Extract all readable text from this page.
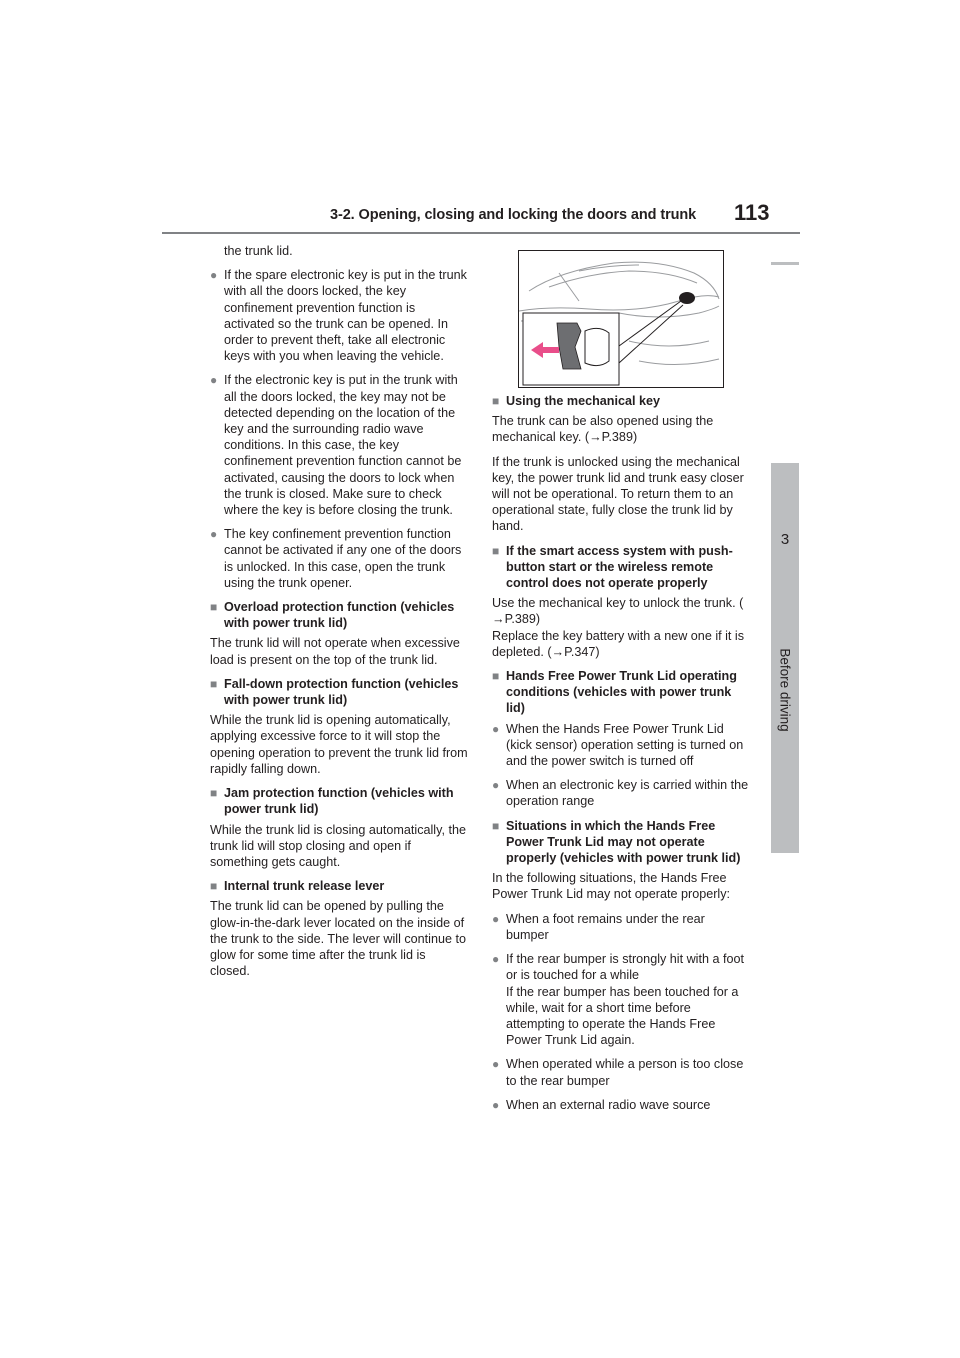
3-2. Opening, closing and locking the doors and trunk 113
3
Before driving

the trunk lid.

● If the spare electronic key is put in the trunk with all the doors locked, the key confinement prevention function is activated so the trunk can be opened. In order to prevent theft, take all electronic keys with you when leaving the vehicle.
● If the electronic key is put in the trunk with all the doors locked, the key may not be detected depending on the location of the key and the surrounding radio wave conditions. In this case, the key confinement prevention function cannot be activated, causing the doors to lock when the trunk is closed. Make sure to check where the key is before closing the trunk.
● The key confinement prevention function cannot be activated if any one of the doors is unlocked. In this case, open the trunk using the trunk opener.
■ Overload protection function (vehicles with power trunk lid)

The trunk lid will not operate when excessive load is present on the top of the trunk lid.

■ Fall-down protection function (vehicles with power trunk lid)

While the trunk lid is opening automatically, applying excessive force to it will stop the opening operation to prevent the trunk lid from rapidly falling down.

■ Jam protection function (vehicles with power trunk lid)

While the trunk lid is closing automatically, the trunk lid will stop closing and open if something gets caught.

■ Internal trunk release lever

The trunk lid can be opened by pulling the glow-in-the-dark lever located on the inside of the trunk to the side. The lever will continue to glow for some time after the trunk lid is closed.

■ Using the mechanical key

The trunk can be also opened using the mechanical key. (→P.389)

If the trunk is unlocked using the mechanical key, the power trunk lid and trunk easy closer will not be operational. To return them to an operational state, fully close the trunk lid by hand.

■ If the smart access system with push-button start or the wireless remote control does not operate properly

Use the mechanical key to unlock the trunk. (
→P.389)
Replace the key battery with a new one if it is depleted. (→P.347)

■ Hands Free Power Trunk Lid operating conditions (vehicles with power trunk lid)
● When the Hands Free Power Trunk Lid (kick sensor) operation setting is turned on and the power switch is turned off
● When an electronic key is carried within the operation range
■ Situations in which the Hands Free Power Trunk Lid may not operate properly (vehicles with power trunk lid)

In the following situations, the Hands Free Power Trunk Lid may not operate properly:

● When a foot remains under the rear bumper
● If the rear bumper is strongly hit with a foot or is touched for a while
If the rear bumper has been touched for a while, wait for a short time before attempting to operate the Hands Free Power Trunk Lid again.
● When operated while a person is too close to the rear bumper
● When an external radio wave source
